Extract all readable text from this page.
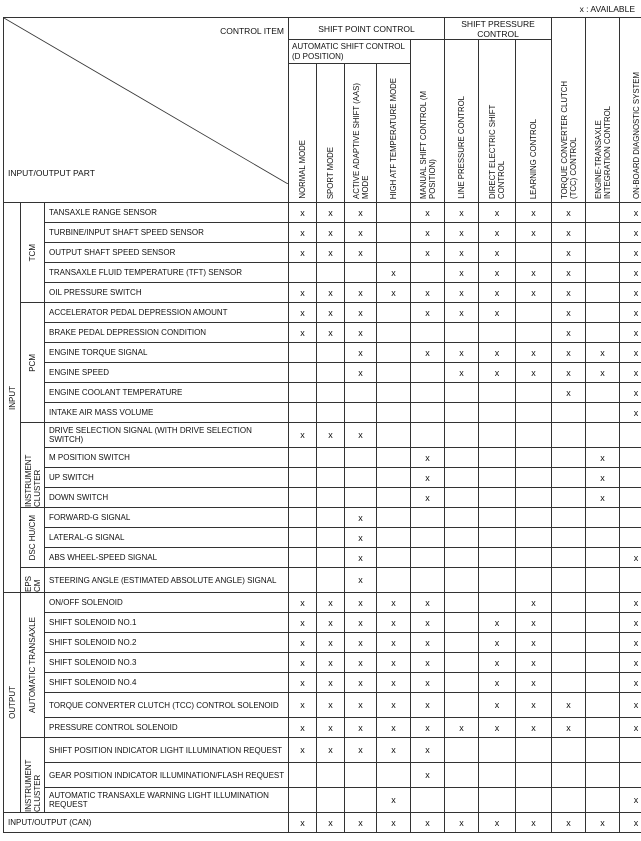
x : AVAILABLE
CONTROL ITEM
INPUT/OUTPUT PART			SHIFT POINT CONTROL					SHIFT PRESSURE CONTROL			TORQUE CONVERTER CLUTCH (TCC) CONTROL	ENGINE-TRANSAXLE INTEGRATION CONTROL	ON-BOARD DIAGNOSTIC SYSTEM

			AUTOMATIC SHIFT CONTROL (D POSITION)				MANUAL SHIFT CONTROL (M POSITION)	LINE PRESSURE CONTROL	DIRECT ELECTRIC SHIFT CONTROL	LEARNING CONTROL			

			NORMAL MODE	SPORT MODE	ACTIVE ADAPTIVE SHIFT (AAS) MODE	HIGH ATF TEMPERATURE MODE							

INPUT	TCM	TANSAXLE RANGE SENSOR	x	x	x		x	x	x	x	x		x
		TURBINE/INPUT SHAFT SPEED SENSOR	x	x	x		x	x	x	x	x		x
		OUTPUT SHAFT SPEED SENSOR	x	x	x		x	x	x		x		x
		TRANSAXLE FLUID TEMPERATURE (TFT) SENSOR				x		x	x	x	x		x
		OIL PRESSURE SWITCH	x	x	x	x	x	x	x	x	x		x

	PCM	ACCELERATOR PEDAL DEPRESSION AMOUNT	x	x	x		x	x	x		x		x
		BRAKE PEDAL DEPRESSION CONDITION	x	x	x						x		x
		ENGINE TORQUE SIGNAL			x		x	x	x	x	x	x	x
		ENGINE SPEED			x			x	x	x	x	x	x
		ENGINE COOLANT TEMPERATURE									x		x
		INTAKE AIR MASS VOLUME											x

	INSTRUMENT CLUSTER	DRIVE SELECTION SIGNAL (WITH DRIVE SELECTION SWITCH)	x	x	x								
		M POSITION SWITCH					x					x	
		UP SWITCH					x					x	
		DOWN SWITCH					x					x	

	DSC HU/CM	FORWARD-G SIGNAL			x								
		LATERAL-G SIGNAL			x								
		ABS WHEEL-SPEED SIGNAL			x								x

	EPS CM	STEERING ANGLE (ESTIMATED ABSOLUTE ANGLE) SIGNAL			x								

OUTPUT	AUTOMATIC TRANSAXLE	ON/OFF SOLENOID	x	x	x	x	x			x			x
		SHIFT SOLENOID NO.1	x	x	x	x	x		x	x			x
		SHIFT SOLENOID NO.2	x	x	x	x	x		x	x			x
		SHIFT SOLENOID NO.3	x	x	x	x	x		x	x			x
		SHIFT SOLENOID NO.4	x	x	x	x	x		x	x			x
		TORQUE CONVERTER CLUTCH (TCC) CONTROL SOLENOID	x	x	x	x	x		x	x	x		x
		PRESSURE CONTROL SOLENOID	x	x	x	x	x	x	x	x	x		x

	INSTRUMENT CLUSTER	SHIFT POSITION INDICATOR LIGHT ILLUMINATION REQUEST	x	x	x	x	x						
		GEAR POSITION INDICATOR ILLUMINATION/FLASH REQUEST					x						
		AUTOMATIC TRANSAXLE WARNING LIGHT ILLUMINATION REQUEST				x							x
INPUT/OUTPUT (CAN)			x	x	x	x	x	x	x	x	x	x	x
